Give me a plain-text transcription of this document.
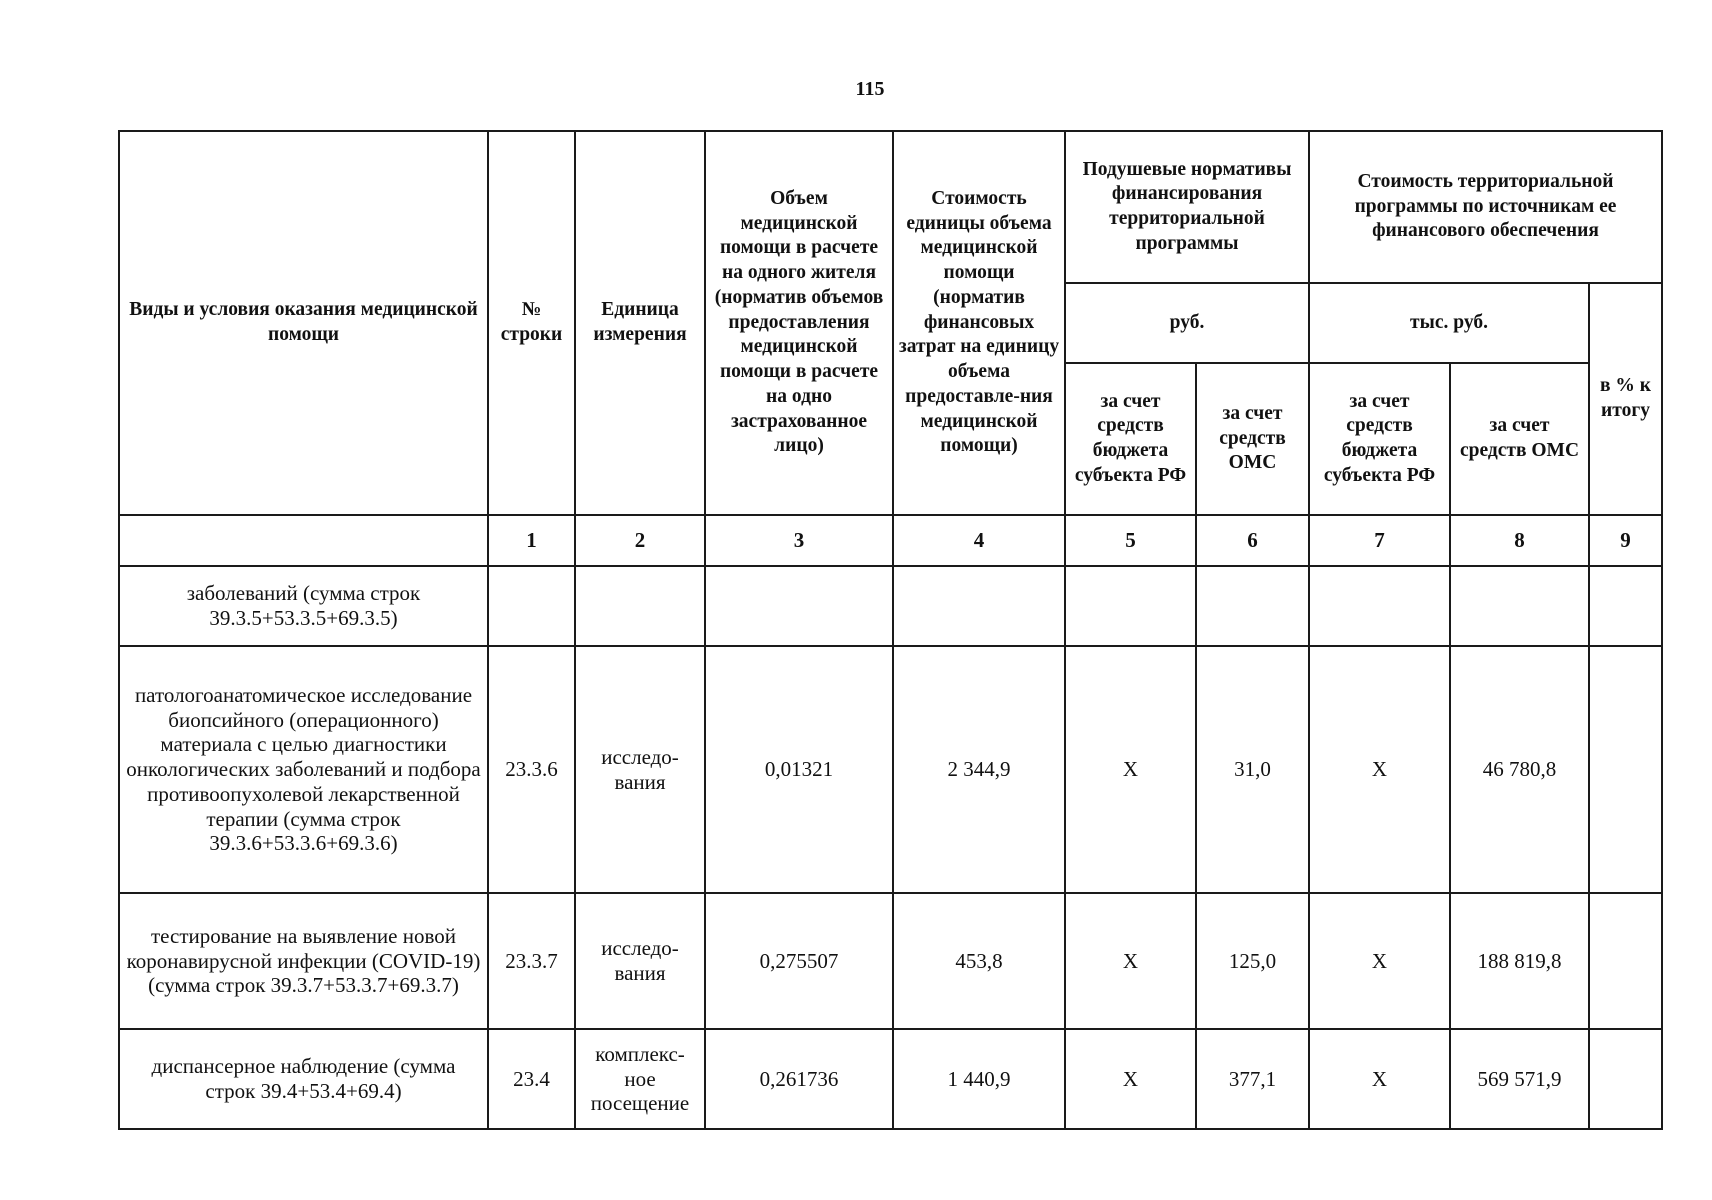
115
Виды и условия оказания медицинской помощи	№ строки	Единица измерения	Объем медицинской помощи в расчете на одного жителя (норматив объемов предоставления медицинской помощи в расчете на одно застрахованное лицо)	Стоимость единицы объема медицинской помощи (норматив финансовых затрат на единицу объема предоставле-ния медицинской помощи)	Подушевые нормативы финансирования территориальной программы		Стоимость территориальной программы по источникам ее финансового обеспечения		
					руб.		тыс. руб.		в % к итогу
					за счет средств бюджета субъекта РФ	за счет средств ОМС	за счет средств бюджета субъекта РФ	за счет средств ОМС	
	1	2	3	4	5	6	7	8	9
заболеваний (сумма строк 39.3.5+53.3.5+69.3.5)									
патологоанатомическое исследование биопсийного (операционного) материала с целью диагностики онкологических заболеваний и подбора противоопухолевой лекарственной терапии (сумма строк 39.3.6+53.3.6+69.3.6)	23.3.6	исследо-вания	0,01321	2 344,9	Х	31,0	Х	46 780,8	
тестирование на выявление новой коронавирусной инфекции (COVID-19) (сумма строк 39.3.7+53.3.7+69.3.7)	23.3.7	исследо-вания	0,275507	453,8	Х	125,0	Х	188 819,8	
диспансерное наблюдение (сумма строк 39.4+53.4+69.4)	23.4	комплекс-ное посещение	0,261736	1 440,9	Х	377,1	Х	569 571,9	
